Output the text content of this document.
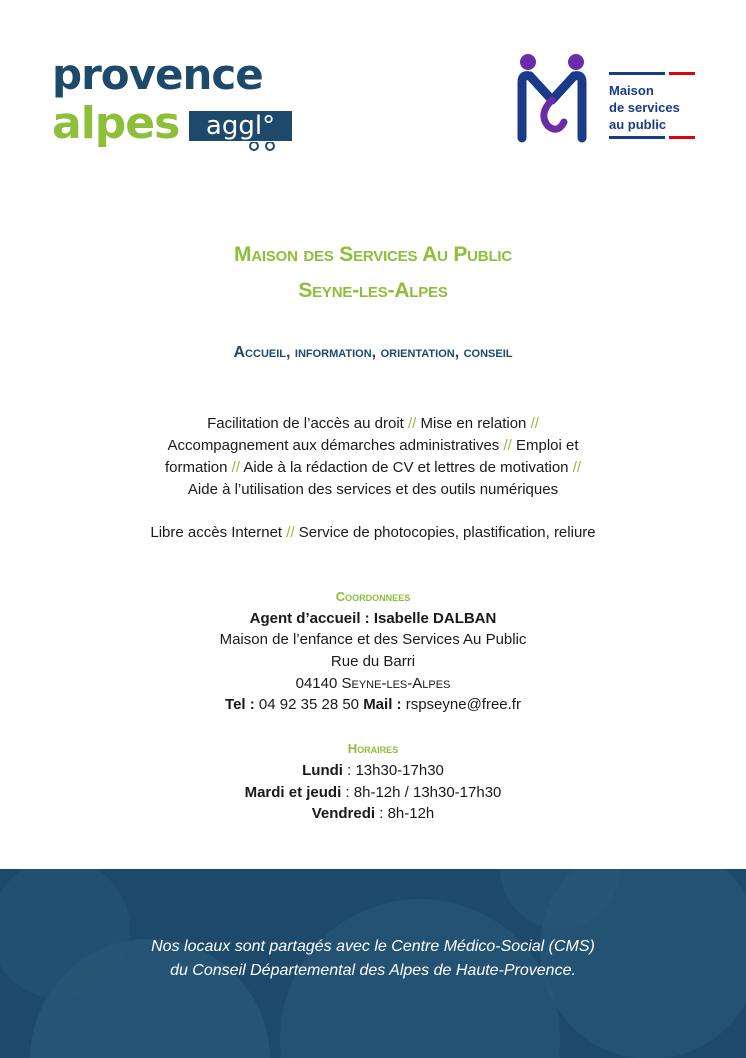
provence
alpes	aggl°
Maison
de services
au public
Maison des Services Au Public
Seyne-les-Alpes
Accueil, information, orientation, conseil
Facilitation de l’accès au droit // Mise en relation //
Accompagnement aux démarches administratives // Emploi et
formation // Aide à la rédaction de CV et lettres de motivation //
Aide à l’utilisation des services et des outils numériques
Libre accès Internet // Service de photocopies, plastification, reliure
Coordonnees
Agent d’accueil : Isabelle DALBAN
Maison de l’enfance et des Services Au Public
Rue du Barri
04140 Seyne-les-Alpes
Tel : 04 92 35 28 50 Mail : rspseyne@free.fr
Horaires
Lundi : 13h30-17h30
Mardi et jeudi : 8h-12h / 13h30-17h30
Vendredi : 8h-12h
Nos locaux sont partagés avec le Centre Médico-Social (CMS)
du Conseil Départemental des Alpes de Haute-Provence.
